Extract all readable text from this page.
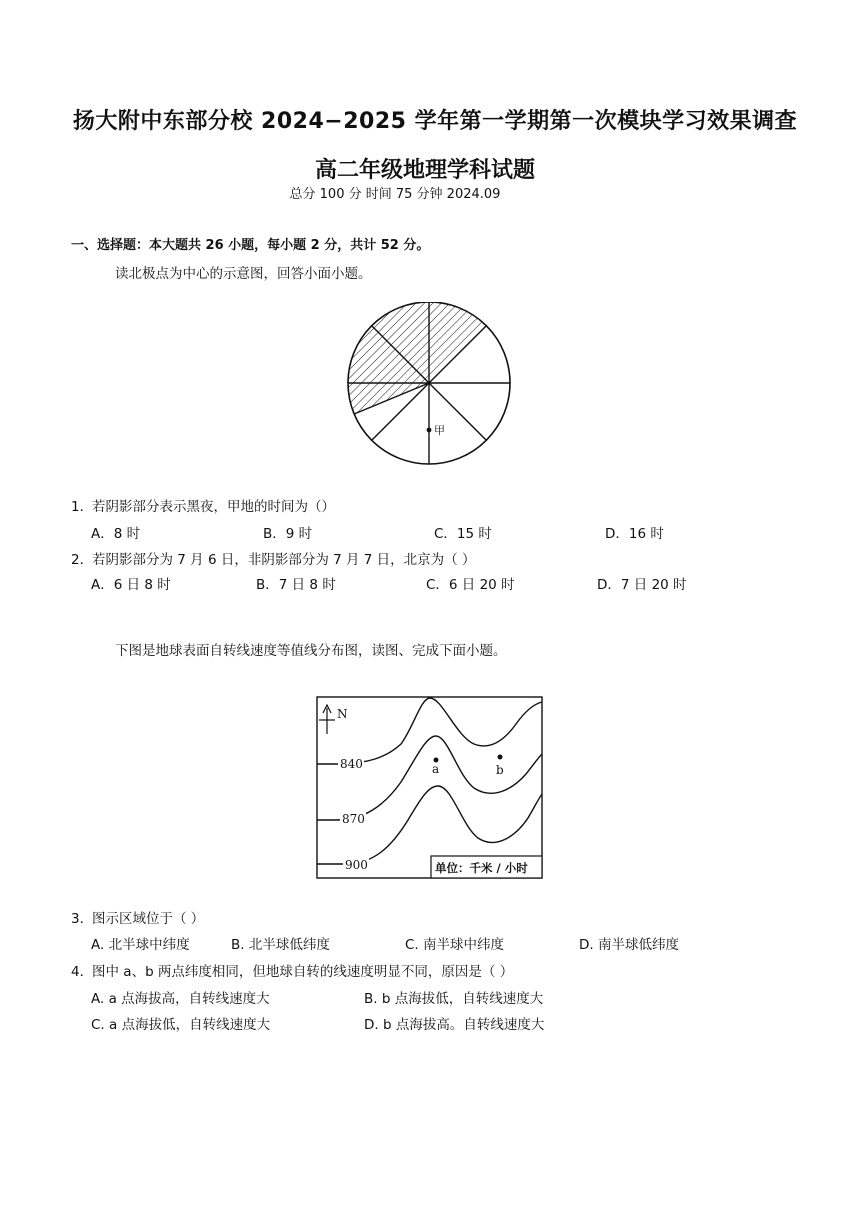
扬大附中东部分校 2024−2025 学年第一学期第一次模块学习效果调查
高二年级地理学科试题
总分 100 分 时间 75 分钟 2024.09
一、选择题：本大题共 26 小题，每小题 2 分，共计 52 分。
读北极点为中心的示意图，回答小面小题。
甲
1．
若阴影部分表示黑夜，甲地的时间为（）
A．8 时	B．9 时	C．15 时	D．16 时
2．
若阴影部分为 7 月 6 日，非阴影部分为 7 月 7 日，北京为（ ）
A．6 日 8 时	B．7 日 8 时	C．6 日 20 时	D．7 日 20 时
下图是地球表面自转线速度等值线分布图，读图、完成下面小题。
N
840
870
900
a	b
单位：千米 / 小时
3．
图示区域位于（ ）
A. 北半球中纬度	B. 北半球低纬度	C. 南半球中纬度	D. 南半球低纬度
4．
图中 a、b 两点纬度相同，但地球自转的线速度明显不同，原因是（ ）
A. a 点海拔高，自转线速度大	B. b 点海拔低，自转线速度大
C. a 点海拔低，自转线速度大	D. b 点海拔高。自转线速度大
